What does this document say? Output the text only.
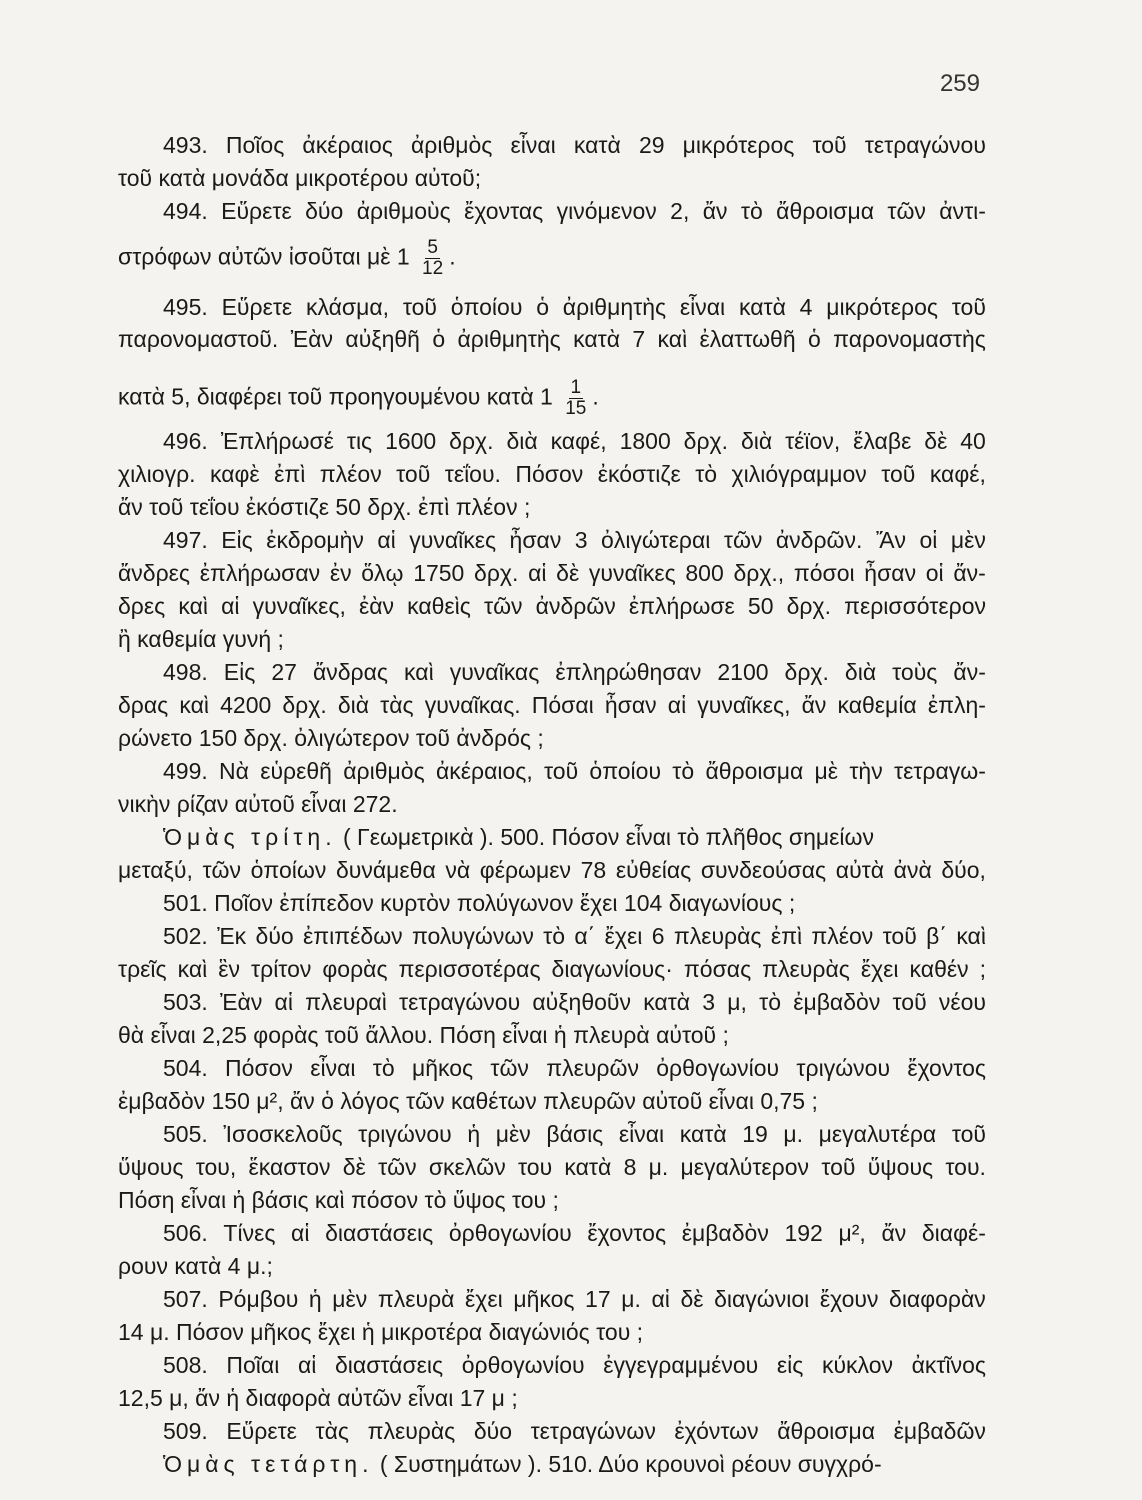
259
493. Ποῖος ἀκέραιος ἀριθμὸς εἶναι κατὰ 29 μικρότερος τοῦ τετραγώνου
τοῦ κατὰ μονάδα μικροτέρου αὐτοῦ;
494. Εὕρετε δύο ἀριθμοὺς ἔχοντας γινόμενον 2, ἄν τὸ ἄθροισμα τῶν ἀντι-
στρόφων αὐτῶν ἰσοῦται μὲ $1 \frac{5}{12}$ .
495. Εὕρετε κλάσμα, τοῦ ὁποίου ὁ ἀριθμητὴς εἶναι κατὰ 4 μικρότερος τοῦ
παρονομαστοῦ. Ἐὰν αὐξηθῆ ὁ ἀριθμητὴς κατὰ 7 καὶ ἐλαττωθῆ ὁ παρονομαστὴς
κατὰ 5, διαφέρει τοῦ προηγουμένου κατὰ $1 \frac{1}{15}$ .
496. Ἐπλήρωσέ τις 1600 δρχ. διὰ καφέ, 1800 δρχ. διὰ τέϊον, ἔλαβε δὲ 40
χιλιογρ. καφὲ ἐπὶ πλέον τοῦ τεΐου. Πόσον ἐκόστιζε τὸ χιλιόγραμμον τοῦ καφέ,
ἄν τοῦ τεΐου ἐκόστιζε 50 δρχ. ἐπὶ πλέον ;
497. Εἰς ἐκδρομὴν αἱ γυναῖκες ἦσαν 3 ὀλιγώτεραι τῶν ἀνδρῶν. Ἄν οἱ μὲν
ἄνδρες ἐπλήρωσαν ἐν ὅλῳ 1750 δρχ. αἱ δὲ γυναῖκες 800 δρχ., πόσοι ἦσαν οἱ ἄν-
δρες καὶ αἱ γυναῖκες, ἐὰν καθεὶς τῶν ἀνδρῶν ἐπλήρωσε 50 δρχ. περισσότερον
ἢ καθεμία γυνή ;
498. Εἰς 27 ἄνδρας καὶ γυναῖκας ἐπληρώθησαν 2100 δρχ. διὰ τοὺς ἄν-
δρας καὶ 4200 δρχ. διὰ τὰς γυναῖκας. Πόσαι ἦσαν αἱ γυναῖκες, ἄν καθεμία ἐπλη-
ρώνετο 150 δρχ. ὀλιγώτερον τοῦ ἀνδρός ;
499. Νὰ εὑρεθῆ ἀριθμὸς ἀκέραιος, τοῦ ὁποίου τὸ ἄθροισμα μὲ τὴν τετραγω-
νικὴν ρίζαν αὐτοῦ εἶναι 272.
Ὁμὰς τρίτη. ( Γεωμετρικὰ ). 500. Πόσον εἶναι τὸ πλῆθος σημείων
μεταξύ, τῶν ὁποίων δυνάμεθα νὰ φέρωμεν 78 εὐθείας συνδεούσας αὐτὰ ἀνὰ δύο,
501. Ποῖον ἐπίπεδον κυρτὸν πολύγωνον ἔχει 104 διαγωνίους ;
502. Ἐκ δύο ἐπιπέδων πολυγώνων τὸ α΄ ἔχει 6 πλευρὰς ἐπὶ πλέον τοῦ β΄ καὶ
τρεῖς καὶ ἓν τρίτον φορὰς περισσοτέρας διαγωνίους· πόσας πλευρὰς ἔχει καθέν ;
503. Ἐὰν αἱ πλευραὶ τετραγώνου αὐξηθοῦν κατὰ 3 μ, τὸ ἐμβαδὸν τοῦ νέου
θὰ εἶναι 2,25 φορὰς τοῦ ἄλλου. Πόση εἶναι ἡ πλευρὰ αὐτοῦ ;
504. Πόσον εἶναι τὸ μῆκος τῶν πλευρῶν ὀρθογωνίου τριγώνου ἔχοντος
ἐμβαδὸν 150 μ², ἄν ὁ λόγος τῶν καθέτων πλευρῶν αὐτοῦ εἶναι 0,75 ;
505. Ἰσοσκελοῦς τριγώνου ἡ μὲν βάσις εἶναι κατὰ 19 μ. μεγαλυτέρα τοῦ
ὕψους του, ἕκαστον δὲ τῶν σκελῶν του κατὰ 8 μ. μεγαλύτερον τοῦ ὕψους του.
Πόση εἶναι ἡ βάσις καὶ πόσον τὸ ὕψος του ;
506. Τίνες αἱ διαστάσεις ὀρθογωνίου ἔχοντος ἐμβαδὸν 192 μ², ἄν διαφέ-
ρουν κατὰ 4 μ.;
507. Ρόμβου ἡ μὲν πλευρὰ ἔχει μῆκος 17 μ. αἱ δὲ διαγώνιοι ἔχουν διαφορὰν
14 μ. Πόσον μῆκος ἔχει ἡ μικροτέρα διαγώνιός του ;
508. Ποῖαι αἱ διαστάσεις ὀρθογωνίου ἐγγεγραμμένου εἰς κύκλον ἀκτῖνος
12,5 μ, ἄν ἡ διαφορὰ αὐτῶν εἶναι 17 μ ;
509. Εὕρετε τὰς πλευρὰς δύο τετραγώνων ἐχόντων ἄθροισμα ἐμβαδῶν
Ὁμὰς τετάρτη. ( Συστημάτων ). 510. Δύο κρουνοὶ ρέουν συγχρό-
